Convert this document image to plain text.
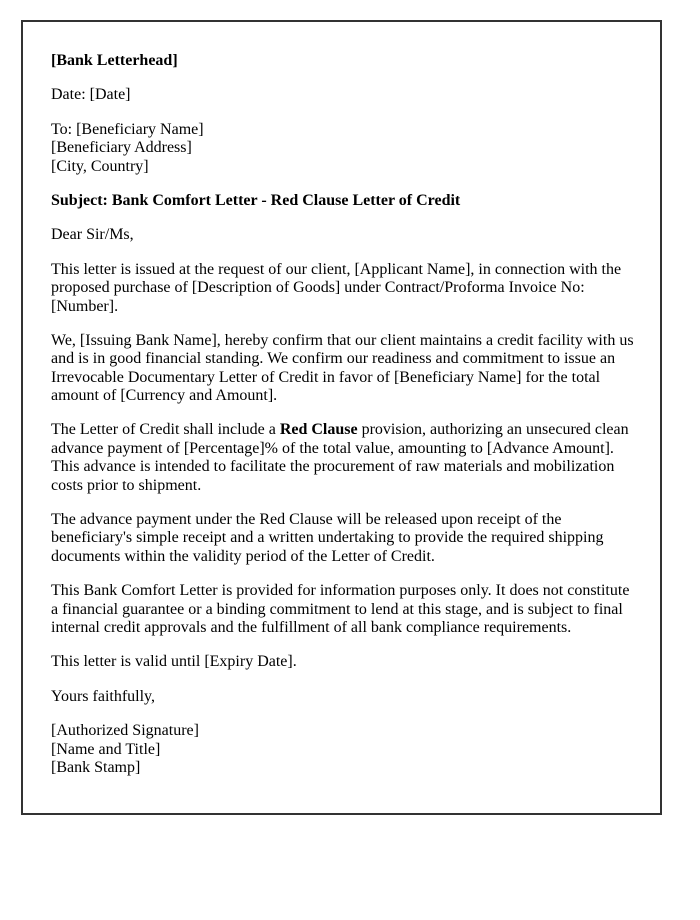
[Bank Letterhead]
Date: [Date]
To: [Beneficiary Name]
[Beneficiary Address]
[City, Country]
Subject: Bank Comfort Letter - Red Clause Letter of Credit
Dear Sir/Ms,
This letter is issued at the request of our client, [Applicant Name], in connection with the proposed purchase of [Description of Goods] under Contract/Proforma Invoice No: [Number].
We, [Issuing Bank Name], hereby confirm that our client maintains a credit facility with us and is in good financial standing. We confirm our readiness and commitment to issue an Irrevocable Documentary Letter of Credit in favor of [Beneficiary Name] for the total amount of [Currency and Amount].
The Letter of Credit shall include a Red Clause provision, authorizing an unsecured clean advance payment of [Percentage]% of the total value, amounting to [Advance Amount]. This advance is intended to facilitate the procurement of raw materials and mobilization costs prior to shipment.
The advance payment under the Red Clause will be released upon receipt of the beneficiary's simple receipt and a written undertaking to provide the required shipping documents within the validity period of the Letter of Credit.
This Bank Comfort Letter is provided for information purposes only. It does not constitute a financial guarantee or a binding commitment to lend at this stage, and is subject to final internal credit approvals and the fulfillment of all bank compliance requirements.
This letter is valid until [Expiry Date].
Yours faithfully,
[Authorized Signature]
[Name and Title]
[Bank Stamp]
